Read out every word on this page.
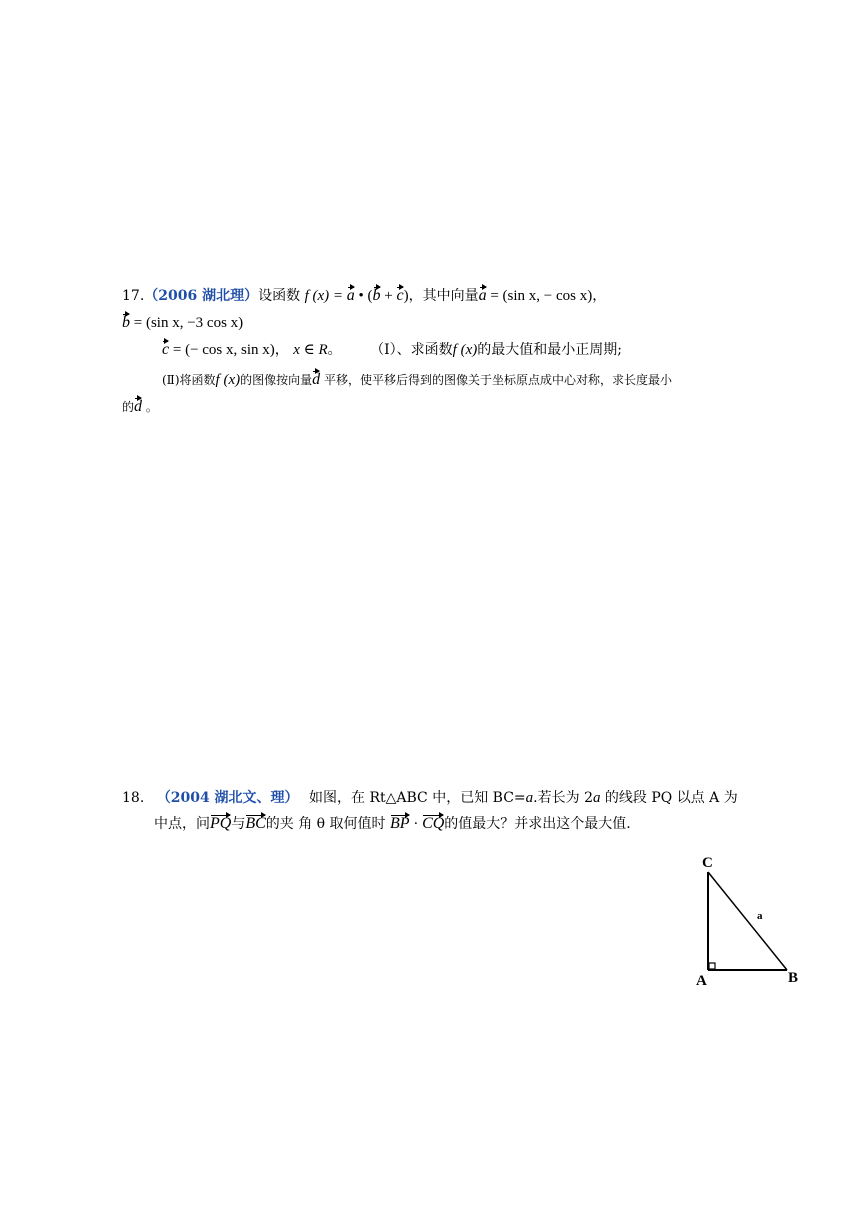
17.（2006 湖北理）设函数 f (x) = a • (b + c)，其中向量a = (sin x, − cos x)，
b = (sin x, −3 cos x)
c = (− cos x, sin x)， x ∈ R。 （Ⅰ）、求函数f (x)的最大值和最小正周期;
(Ⅱ)将函数f (x)的图像按向量d 平移，使平移后得到的图像关于坐标原点成中心对称，求长度最小
的d 。
18. （2004 湖北文、理） 如图，在 Rt△ABC 中，已知 BC=a.若长为 2a 的线段 PQ 以点 A 为
中点，问PQ与BC的夹 角 θ 取何值时 BP · CQ的值最大？并求出这个最大值.
C
A	B
a
